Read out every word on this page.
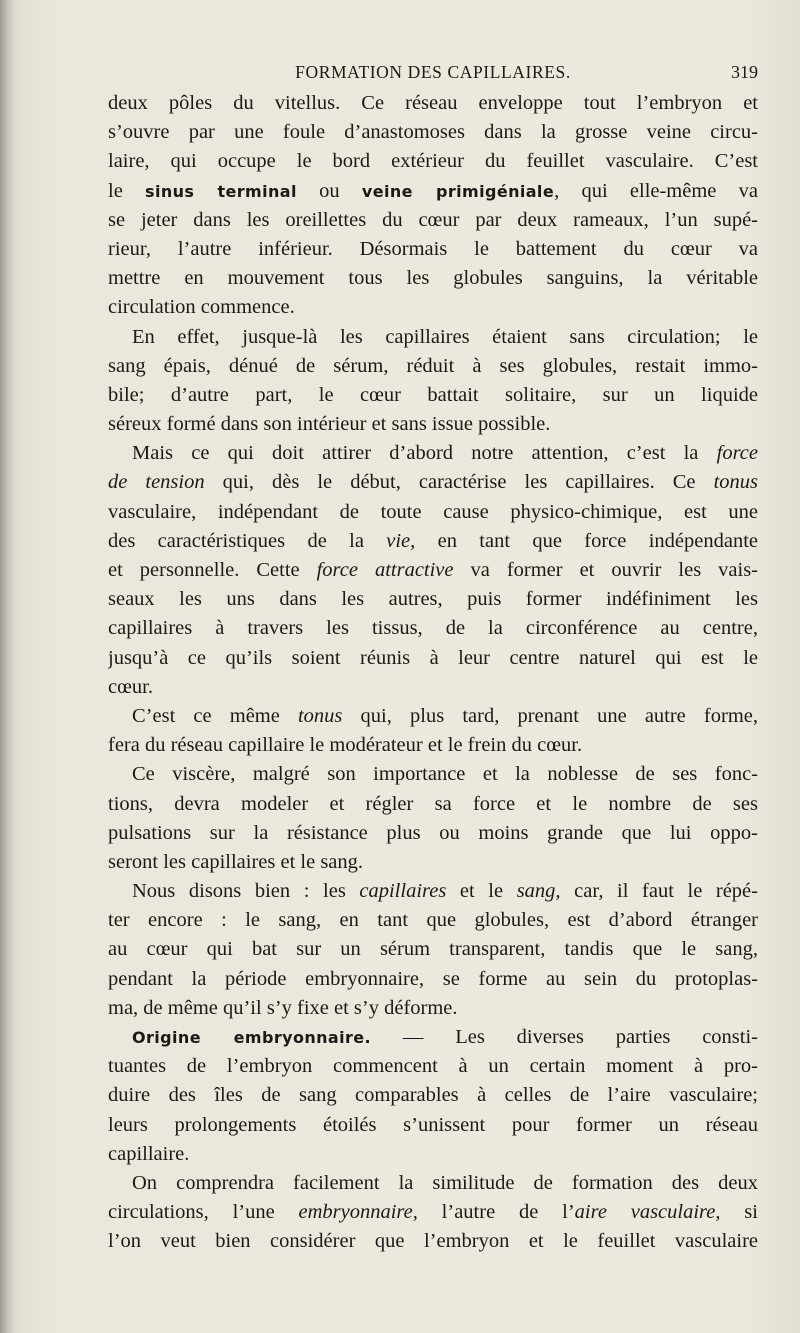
FORMATION DES CAPILLAIRES.	319
deux pôles du vitellus. Ce réseau enveloppe tout l’embryon et
s’ouvre par une foule d’anastomoses dans la grosse veine circu-
laire, qui occupe le bord extérieur du feuillet vasculaire. C’est
le sinus terminal ou veine primigéniale, qui elle-même va
se jeter dans les oreillettes du cœur par deux rameaux, l’un supé-
rieur, l’autre inférieur. Désormais le battement du cœur va
mettre en mouvement tous les globules sanguins, la véritable
circulation commence.
En effet, jusque-là les capillaires étaient sans circulation; le
sang épais, dénué de sérum, réduit à ses globules, restait immo-
bile; d’autre part, le cœur battait solitaire, sur un liquide
séreux formé dans son intérieur et sans issue possible.
Mais ce qui doit attirer d’abord notre attention, c’est la force
de tension qui, dès le début, caractérise les capillaires. Ce tonus
vasculaire, indépendant de toute cause physico-chimique, est une
des caractéristiques de la vie, en tant que force indépendante
et personnelle. Cette force attractive va former et ouvrir les vais-
seaux les uns dans les autres, puis former indéfiniment les
capillaires à travers les tissus, de la circonférence au centre,
jusqu’à ce qu’ils soient réunis à leur centre naturel qui est le
cœur.
C’est ce même tonus qui, plus tard, prenant une autre forme,
fera du réseau capillaire le modérateur et le frein du cœur.
Ce viscère, malgré son importance et la noblesse de ses fonc-
tions, devra modeler et régler sa force et le nombre de ses
pulsations sur la résistance plus ou moins grande que lui oppo-
seront les capillaires et le sang.
Nous disons bien : les capillaires et le sang, car, il faut le répé-
ter encore : le sang, en tant que globules, est d’abord étranger
au cœur qui bat sur un sérum transparent, tandis que le sang,
pendant la période embryonnaire, se forme au sein du protoplas-
ma, de même qu’il s’y fixe et s’y déforme.
Origine embryonnaire. — Les diverses parties consti-
tuantes de l’embryon commencent à un certain moment à pro-
duire des îles de sang comparables à celles de l’aire vasculaire;
leurs prolongements étoilés s’unissent pour former un réseau
capillaire.
On comprendra facilement la similitude de formation des deux
circulations, l’une embryonnaire, l’autre de l’aire vasculaire, si
l’on veut bien considérer que l’embryon et le feuillet vasculaire
